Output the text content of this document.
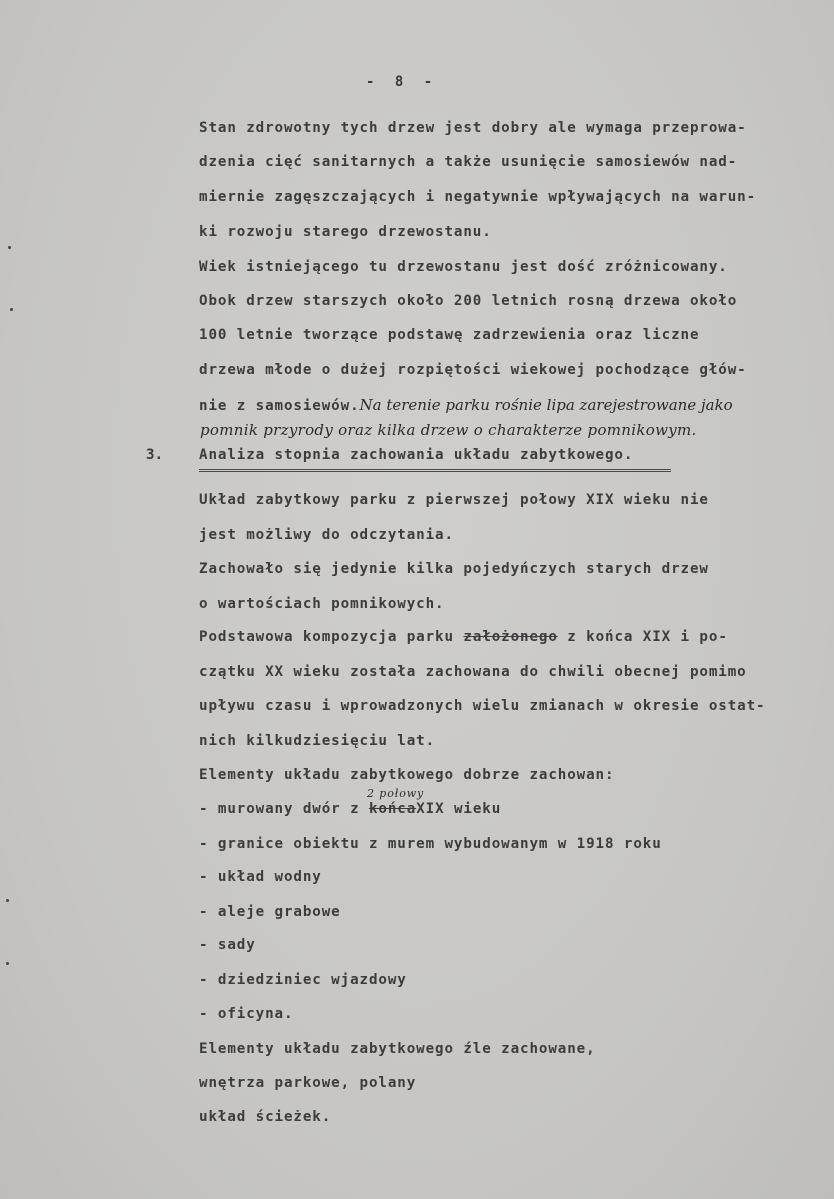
- 8 -
Stan zdrowotny tych drzew jest dobry ale wymaga przeprowa-
dzenia cięć sanitarnych a także usunięcie samosiewów nad-
miernie zagęszczających i negatywnie wpływających na warun-
ki rozwoju starego drzewostanu.
Wiek istniejącego tu drzewostanu jest dość zróżnicowany.
Obok drzew starszych około 200 letnich rosną drzewa około
100 letnie tworzące podstawę zadrzewienia oraz liczne
drzewa młode o dużej rozpiętości wiekowej pochodzące głów-
nie z samosiewów.Na terenie parku rośnie lipa zarejestrowane jako
pomnik przyrody oraz kilka drzew o charakterze pomnikowym.
3.	Analiza stopnia zachowania układu zabytkowego.
Układ zabytkowy parku z pierwszej połowy XIX wieku nie
jest możliwy do odczytania.
Zachowało się jedynie kilka pojedyńczych starych drzew
o wartościach pomnikowych.
Podstawowa kompozycja parku założonego z końca XIX i po-
czątku XX wieku została zachowana do chwili obecnej pomimo
upływu czasu i wprowadzonych wielu zmianach w okresie ostat-
nich kilkudziesięciu lat.
Elementy układu zabytkowego dobrze zachowan:
- murowany dwór z
2 połowy
końcaXIX wieku
- granice obiektu z murem wybudowanym w 1918 roku
- układ wodny
- aleje grabowe
- sady
- dziedziniec wjazdowy
- oficyna.
Elementy układu zabytkowego źle zachowane,
wnętrza parkowe, polany
układ ścieżek.
